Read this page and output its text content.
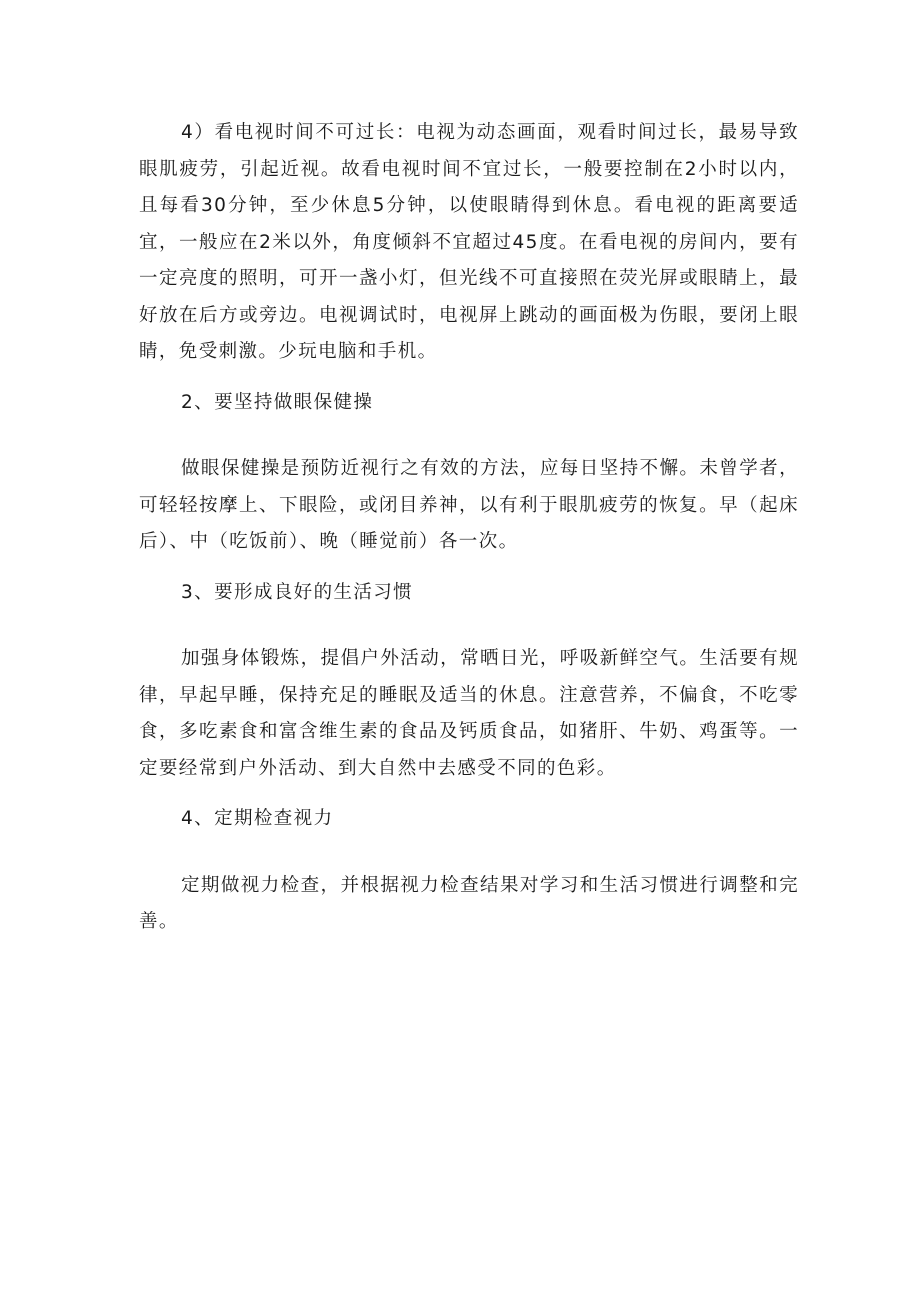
4）看电视时间不可过长：电视为动态画面，观看时间过长，最易导致眼肌疲劳，引起近视。故看电视时间不宜过长，一般要控制在2小时以内，且每看30分钟，至少休息5分钟，以使眼睛得到休息。看电视的距离要适宜，一般应在2米以外，角度倾斜不宜超过45度。在看电视的房间内，要有一定亮度的照明，可开一盏小灯，但光线不可直接照在荧光屏或眼睛上，最好放在后方或旁边。电视调试时，电视屏上跳动的画面极为伤眼，要闭上眼睛，免受刺激。少玩电脑和手机。

2、要坚持做眼保健操

做眼保健操是预防近视行之有效的方法，应每日坚持不懈。未曾学者，可轻轻按摩上、下眼险，或闭目养神，以有利于眼肌疲劳的恢复。早（起床后）、中（吃饭前）、晚（睡觉前）各一次。

3、要形成良好的生活习惯

加强身体锻炼，提倡户外活动，常晒日光，呼吸新鲜空气。生活要有规律，早起早睡，保持充足的睡眠及适当的休息。注意营养，不偏食，不吃零食，多吃素食和富含维生素的食品及钙质食品，如猪肝、牛奶、鸡蛋等。一定要经常到户外活动、到大自然中去感受不同的色彩。

4、定期检查视力

定期做视力检查，并根据视力检查结果对学习和生活习惯进行调整和完善。
